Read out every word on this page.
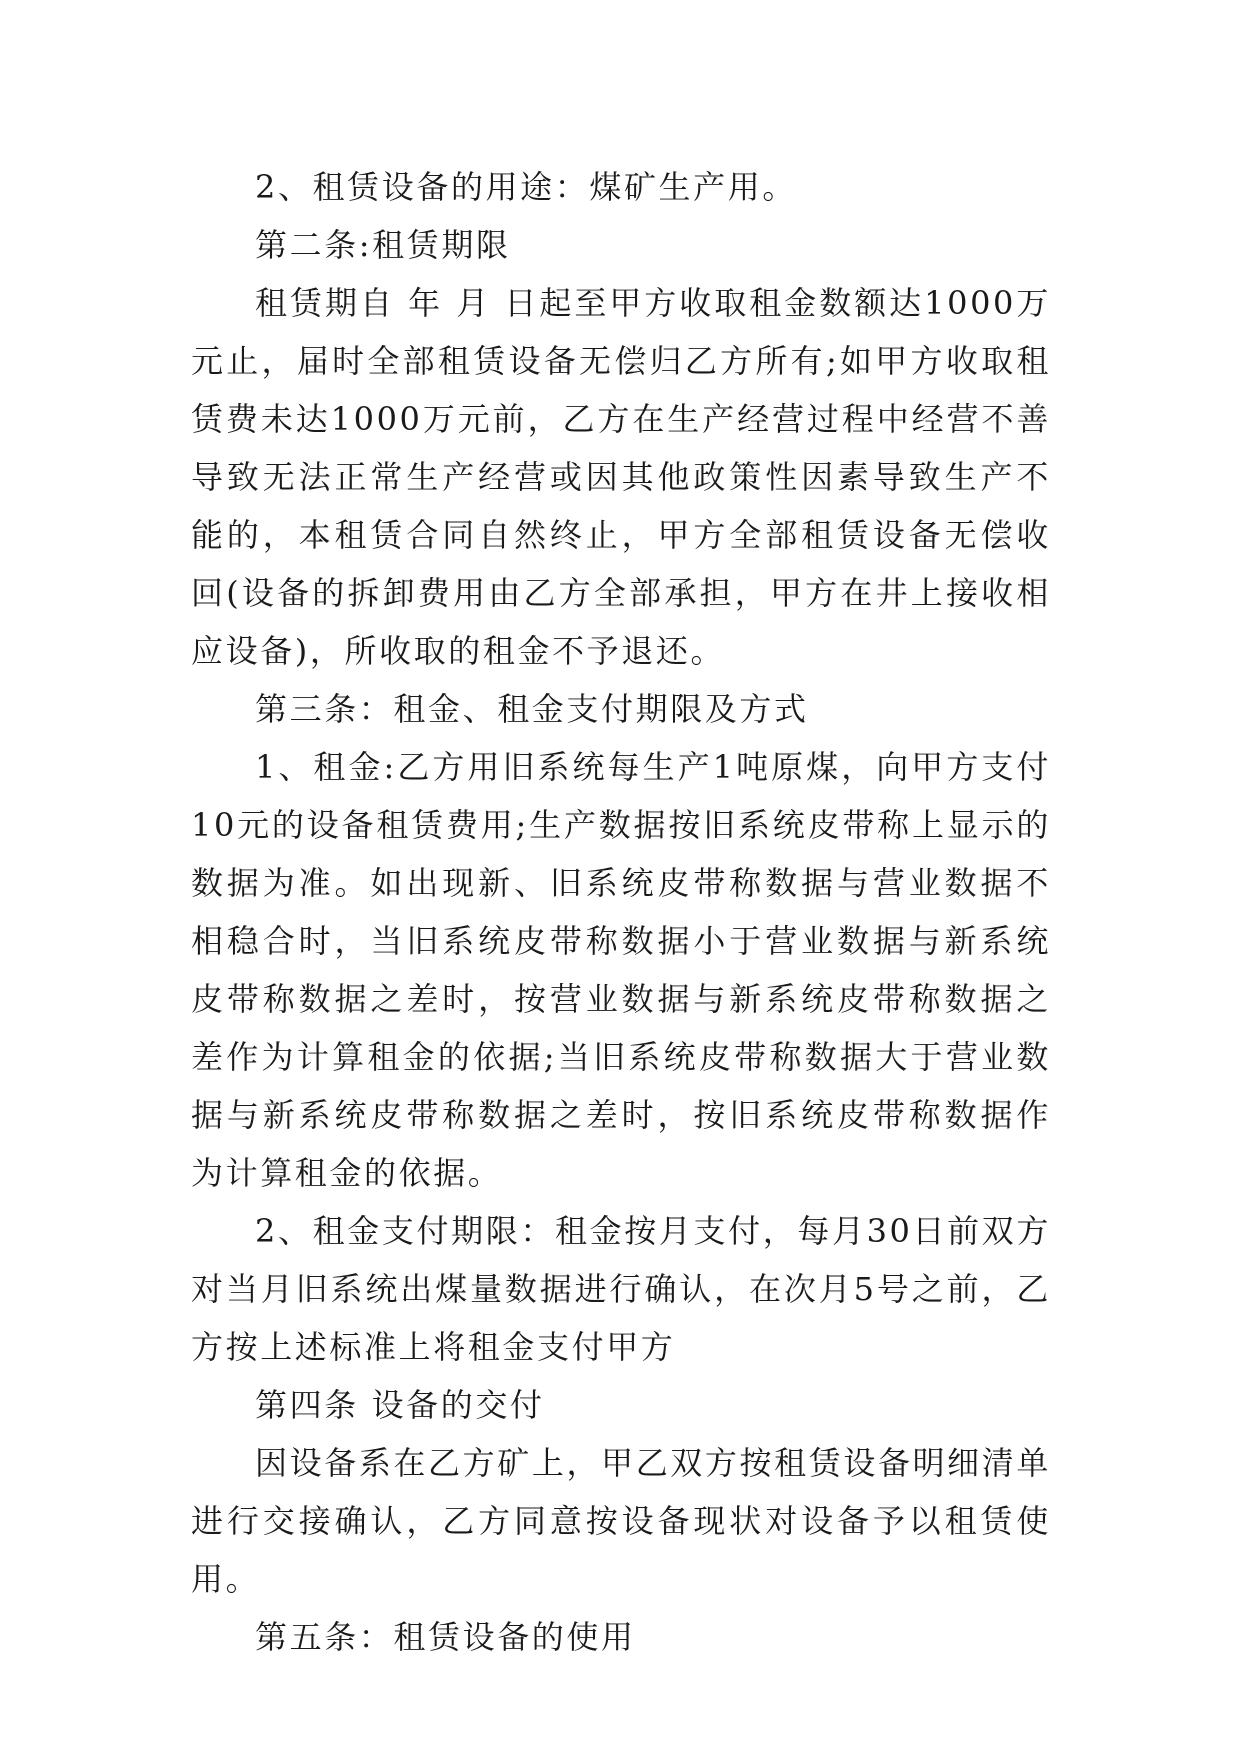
2、租赁设备的用途：煤矿生产用。

第二条:租赁期限

租赁期自 年 月 日起至甲方收取租金数额达1000万元止，届时全部租赁设备无偿归乙方所有;如甲方收取租赁费未达1000万元前，乙方在生产经营过程中经营不善导致无法正常生产经营或因其他政策性因素导致生产不能的，本租赁合同自然终止，甲方全部租赁设备无偿收回(设备的拆卸费用由乙方全部承担，甲方在井上接收相应设备)，所收取的租金不予退还。

第三条：租金、租金支付期限及方式

1、租金:乙方用旧系统每生产1吨原煤，向甲方支付10元的设备租赁费用;生产数据按旧系统皮带称上显示的数据为准。如出现新、旧系统皮带称数据与营业数据不相稳合时，当旧系统皮带称数据小于营业数据与新系统皮带称数据之差时，按营业数据与新系统皮带称数据之差作为计算租金的依据;当旧系统皮带称数据大于营业数据与新系统皮带称数据之差时，按旧系统皮带称数据作为计算租金的依据。

2、租金支付期限：租金按月支付，每月30日前双方对当月旧系统出煤量数据进行确认，在次月5号之前，乙方按上述标准上将租金支付甲方

第四条 设备的交付

因设备系在乙方矿上，甲乙双方按租赁设备明细清单进行交接确认，乙方同意按设备现状对设备予以租赁使用。

第五条：租赁设备的使用
